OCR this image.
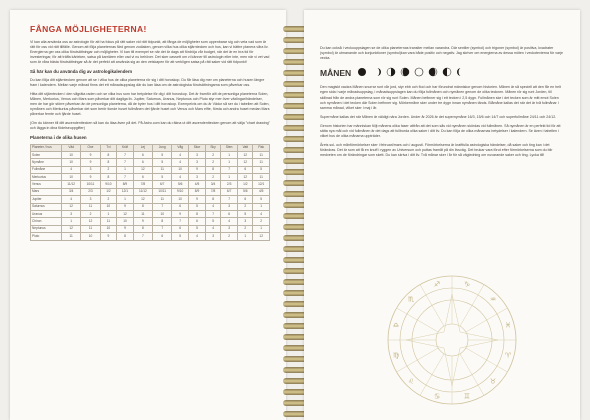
FÅNGA MÖJLIGHETERNA!

Vi kan alla använda oss av astrologin för att ha fokus på rätt saker vid rätt tidpunkt, att fånga de möjligheter som uppenbarar sig och veta vad som är rätt för oss vid rätt tillfälle. Genom att följa planeternas färd genom zodiaken, genom vilka hus olika stjärntecken och hus, kan vi bättre planera våra liv. Energierna ger oss olika förutsättningar och möjligheter. Vi kan till exempel se när det är dags att fördröja vår budget, när det är en bra tid för investeringar, för att träffa kärleken, satsa på karriären eller vad vi nu behöver. Det sker oavsett om vi känner till astrologin eller inte, men när vi vet vad som är våra bästa förutsättningar så är det perfekt att använda sig av den vetskapen för att verkligen satsa på rätt saker vid rätt tidpunkt!

Så här kan du använda dig av astrologikalendern

Du kan följa ditt stjärntecken genom att se i vilka hus de olika planeterna rör sig i ditt horoskop. Du får läsa dig mer om planeterna och husen längre fram i kalendern. Mellan varje månad finns det ett månadsuppslag där du kan läsa om de astrologiska förutsättningarna som påverkar oss.

Hitta ditt stjärntecken i den vågräta raden och se vilka hus som har betydelse för dig i ditt horoskop. Det är framför allt de personliga planeterna Solen, Månen, Merkurius, Venus och Mars som påverkar ditt dagliga liv. Jupiter, Saturnus, Uranus, Neptunus och Pluto styr mer över växlingar/händelser, men de har gör större påverkan än de personliga planeterna, då de byter hus i ditt horoskop. Exempelvis om du är Vädur så ser du i tabellen att Solen, nymånen och Merkurius påverkar det som berör tionde huset fullmånen det fjärde huset och Venus och Mars elfte, första och andra huset medan Mars påverkar femte och fjärde huset.

(Om du känner till ditt ascendenttecken så kan du läsa även på det. På Astro.com kan du räkna ut ditt ascendenttecken genom att välja "chart drawing" och lägga in dina födelseuppgifter)

Planeterna i de olika husen
Planeter / hus	Väd	Oxe	Tvi	Kräf	Lej	Jung	Våg	Skor	Sky	Sten	Vatt	Fisk
Solen	10	9	8	7	6	5	4	3	2	1	12	11
Nymåne	10	9	8	7	6	5	4	3	2	1	12	11
Fullmåne	4	3	2	1	12	11	10	9	8	7	6	5
Merkurius	10	9	8	7	6	5	4	3	2	1	12	11
Venus	11/12	10/11	9/10	8/9	7/8	6/7	5/6	4/5	3/4	2/3	1/2	12/1
Mars	3/4	2/3	1/2	12/1	11/12	10/11	9/10	8/9	7/8	6/7	5/6	4/5
Jupiter	4	3	2	1	12	11	10	9	8	7	6	5
Saturnus	12	11	10	9	8	7	6	5	4	3	2	1
Uranus	3	2	1	12	11	10	9	8	7	6	5	4
Chiron	1	12	11	10	9	8	7	6	5	4	3	2
Neptunus	12	11	10	9	8	7	6	5	4	3	2	1
Pluto	11	10	9	8	7	6	5	4	3	2	1	12

Du kan också i veckouppslagen se de olika planeternas transiter mellan varandra. Där sextiler (symbol) och trigoner (symbol) är positiva, kvadrater (symbol) är utmanande och konjunktioner (symbol)kan vara både positiv och negativ. Jag skriver om energierna av dessa möten i veckotexterna för varje vecka.

MÅNEN

Den magiskt vackra Månen snurrar runt vår jord, styr ebb och flod och har förundrat människor genom historien. Månen är så speciell att den får en helt egen sida i varje månadsuppslag, i månadsuppslagen kan du följa fullmånen och nymånen genom de olika tecknen. Månen rör sig runt Jorden, till skillnad från de andra planeterna som rör sig runt Solen. Månen befinner sig i ett tecken i 2,5 dygn. Fullmånen ske i det tecken som är mitt emot Solen och nymånen i det tecken där Solen befinner sig. Mörkermåne sker under tre dygn innan nymånen tänds. Blåmåne kallas det när det är två fullmånar i samma månad, vilket sker i maj i år.

Supermåne kallas det när Månen är väldigt nära Jorden. Under år 2026 är det supernymåne 16/3, 15/6 och 14/7 och superfullmåne 24/11 och 24/12.

Genom historien har människan följt månens olika faser utifrån att det som sås vid nymånen skördas vid fullmånen. Så nymånen är en perfekt tid för att sätta nya mål och vid fullmånen är det dags att fullborda olika saker i ditt liv. Du kan följa de olika månarnas betydelser i kalendern. Se även i tabellen i vilket hus de olika månarna uppträder.

Årets sol- och månförmörkelser sker i februari/mars och i augusti. Förmörkelserna är kraftfulla astrologiska händelser, då saker och ting kan i det förändras. Det är som att få en knuff i ryggen av Universum och puttas framåt på din livsväg. Det brukar vara förut efter förmörkelserna som du blir medveten om de förändringar som skett. Du kan skriva i ditt liv. Två månar sker i år för så vägledning om nuvarande saker och ting. Lycka till!

♈
♉
♊
♋
♌
♍
♎
♏
♐	♑
♒
♓
